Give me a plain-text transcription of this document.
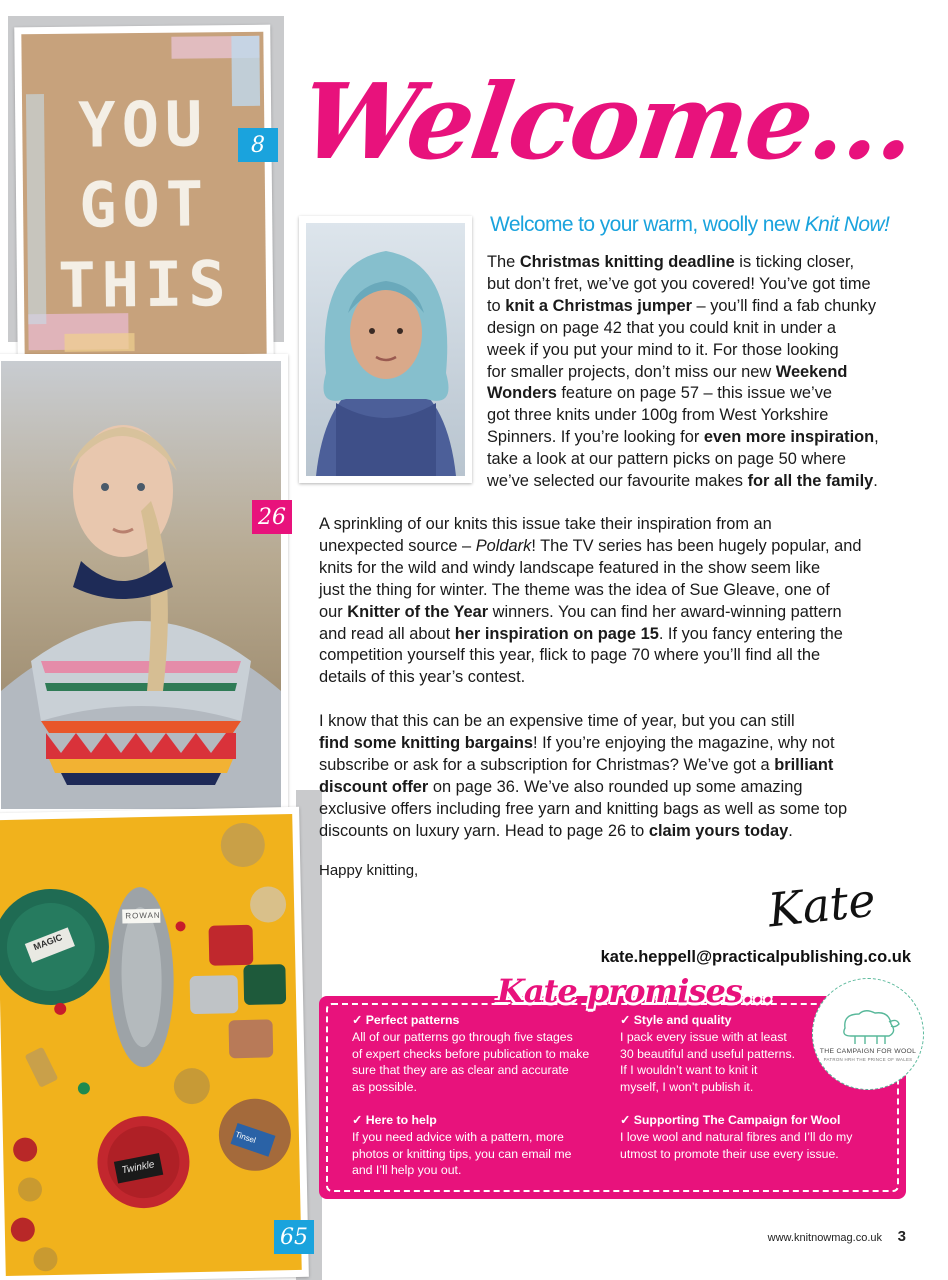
YOU
GOT
THIS
8
26
MAGIC
ROWAN
Twinkle
Tinsel
65
Welcome...
Welcome to your warm, woolly new Knit Now!
The Christmas knitting deadline is ticking closer,
but don’t fret, we’ve got you covered! You’ve got time
to knit a Christmas jumper – you’ll find a fab chunky
design on page 42 that you could knit in under a
week if you put your mind to it. For those looking
for smaller projects, don’t miss our new Weekend
Wonders feature on page 57 – this issue we’ve
got three knits under 100g from West Yorkshire
Spinners. If you’re looking for even more inspiration,
take a look at our pattern picks on page 50 where
we’ve selected our favourite makes for all the family.
A sprinkling of our knits this issue take their inspiration from an
unexpected source – Poldark! The TV series has been hugely popular, and
knits for the wild and windy landscape featured in the show seem like
just the thing for winter. The theme was the idea of Sue Gleave, one of
our Knitter of the Year winners. You can find her award-winning pattern
and read all about her inspiration on page 15. If you fancy entering the
competition yourself this year, flick to page 70 where you’ll find all the
details of this year’s contest.
I know that this can be an expensive time of year, but you can still
find some knitting bargains! If you’re enjoying the magazine, why not
subscribe or ask for a subscription for Christmas? We’ve got a brilliant
discount offer on page 36. We’ve also rounded up some amazing
exclusive offers including free yarn and knitting bags as well as some top
discounts on luxury yarn. Head to page 26 to claim yours today.
Happy knitting,
Kate
kate.heppell@practicalpublishing.co.uk
Kate promises...
✓ Perfect patterns
All of our patterns go through five stages
of expert checks before publication to make
sure that they are as clear and accurate
as possible.
✓ Style and quality
I pack every issue with at least
30 beautiful and useful patterns.
If I wouldn’t want to knit it
myself, I won’t publish it.
✓ Here to help
If you need advice with a pattern, more
photos or knitting tips, you can email me
and I’ll help you out.
✓ Supporting The Campaign for Wool
I love wool and natural fibres and I’ll do my
utmost to promote their use every issue.
THE CAMPAIGN FOR WOOL
PATRON HRH THE PRINCE OF WALES
www.knitnowmag.co.uk 3
